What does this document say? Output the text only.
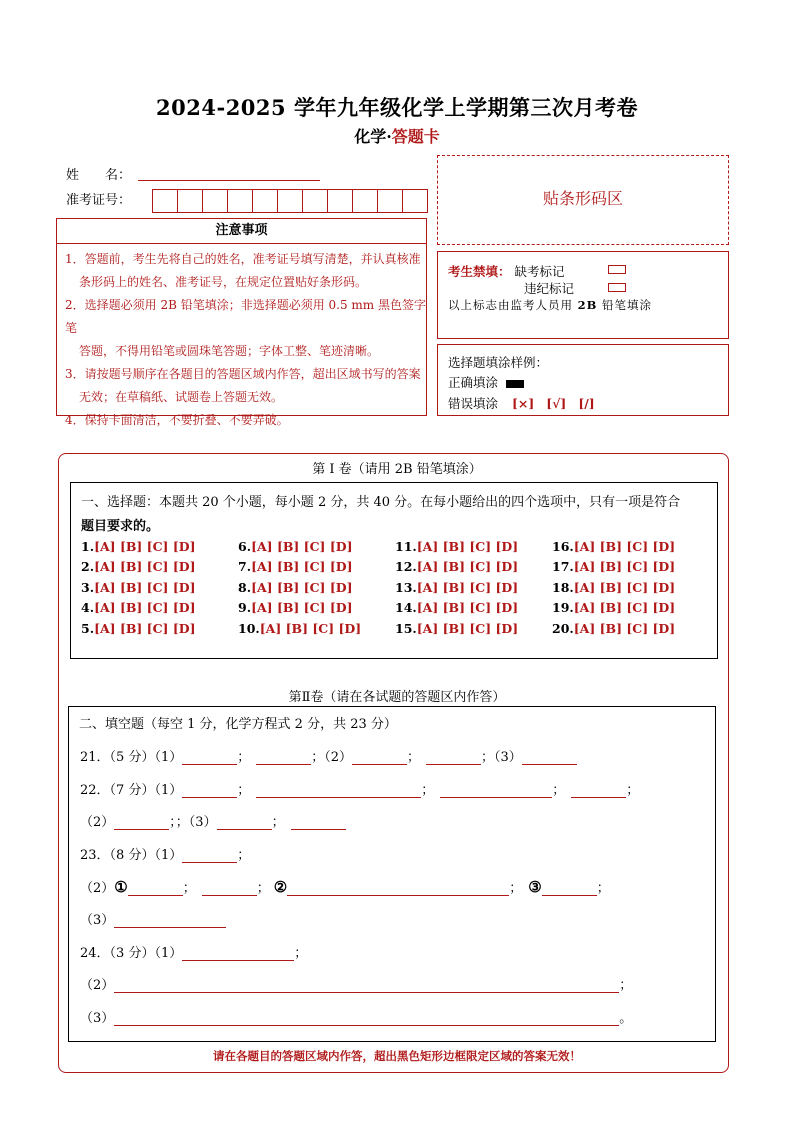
2024-2025 学年九年级化学上学期第三次月考卷
化学·答题卡
姓　　名：
准考证号：	贴条形码区
注意事项
1．答题前，考生先将自己的姓名，准考证号填写清楚，并认真核准
条形码上的姓名、准考证号，在规定位置贴好条形码。
2．选择题必须用 2B 铅笔填涂；非选择题必须用 0.5 mm 黑色签字笔
答题，不得用铅笔或圆珠笔答题；字体工整、笔迹清晰。
3．请按题号顺序在各题目的答题区域内作答，超出区域书写的答案
无效；在草稿纸、试题卷上答题无效。
4．保持卡面清洁，不要折叠、不要弄破。
考生禁填： 缺考标记
违纪标记
以上标志由监考人员用 2B 铅笔填涂
选择题填涂样例：
正确填涂
错误填涂 [×] [√] [/]
第 I 卷（请用 2B 铅笔填涂）
一、选择题：本题共 20 个小题，每小题 2 分，共 40 分。在每小题给出的四个选项中，只有一项是符合
题目要求的。
1.[A] [B] [C] [D]
2.[A] [B] [C] [D]
3.[A] [B] [C] [D]
4.[A] [B] [C] [D]
5.[A] [B] [C] [D]
6.[A] [B] [C] [D]
7.[A] [B] [C] [D]
8.[A] [B] [C] [D]
9.[A] [B] [C] [D]
10.[A] [B] [C] [D]
11.[A] [B] [C] [D]
12.[A] [B] [C] [D]
13.[A] [B] [C] [D]
14.[A] [B] [C] [D]
15.[A] [B] [C] [D]
16.[A] [B] [C] [D]
17.[A] [B] [C] [D]
18.[A] [B] [C] [D]
19.[A] [B] [C] [D]
20.[A] [B] [C] [D]
第Ⅱ卷（请在各试题的答题区内作答）
二、填空题（每空 1 分，化学方程式 2 分，共 23 分）
21．（5 分）（1）	；	；（2）	；	；（3）
22．（7 分）（1）	；	；	；	；
（2）	；；（3）	；
23．（8 分）（1）	；
（2）①	；	； ②	； ③	；
（3）
24．（3 分）（1）	；
（2）	；
（3）	。
请在各题目的答题区域内作答，超出黑色矩形边框限定区域的答案无效！
